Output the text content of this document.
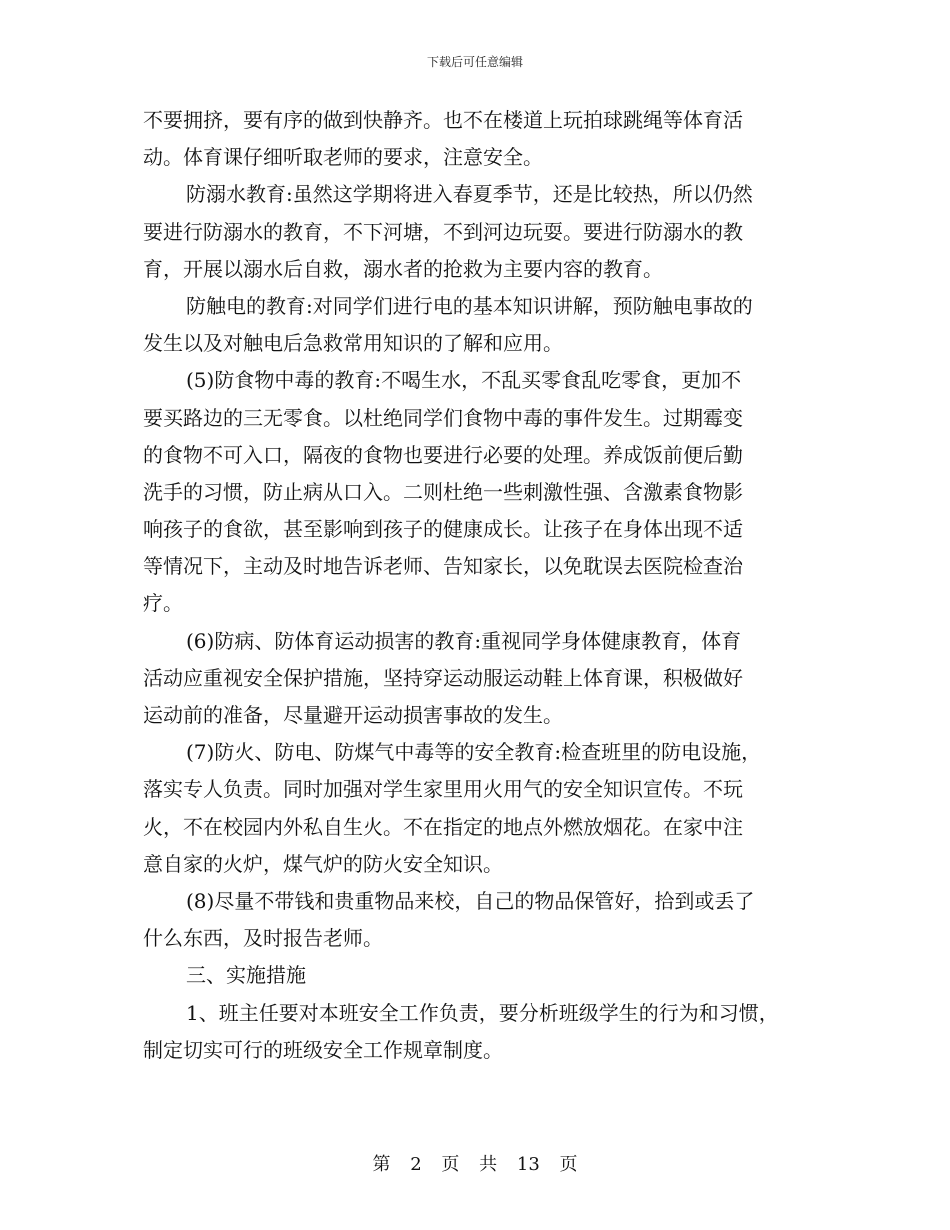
下载后可任意编辑
不要拥挤，要有序的做到快静齐。也不在楼道上玩拍球跳绳等体育活
动。体育课仔细听取老师的要求，注意安全。
防溺水教育:虽然这学期将进入春夏季节，还是比较热，所以仍然
要进行防溺水的教育，不下河塘，不到河边玩耍。要进行防溺水的教
育，开展以溺水后自救，溺水者的抢救为主要内容的教育。
防触电的教育:对同学们进行电的基本知识讲解，预防触电事故的
发生以及对触电后急救常用知识的了解和应用。
(5)防食物中毒的教育:不喝生水，不乱买零食乱吃零食，更加不
要买路边的三无零食。以杜绝同学们食物中毒的事件发生。过期霉变
的食物不可入口，隔夜的食物也要进行必要的处理。养成饭前便后勤
洗手的习惯，防止病从口入。二则杜绝一些刺激性强、含激素食物影
响孩子的食欲，甚至影响到孩子的健康成长。让孩子在身体出现不适
等情况下，主动及时地告诉老师、告知家长，以免耽误去医院检查治
疗。
(6)防病、防体育运动损害的教育:重视同学身体健康教育，体育
活动应重视安全保护措施，坚持穿运动服运动鞋上体育课，积极做好
运动前的准备，尽量避开运动损害事故的发生。
(7)防火、防电、防煤气中毒等的安全教育:检查班里的防电设施，
落实专人负责。同时加强对学生家里用火用气的安全知识宣传。不玩
火，不在校园内外私自生火。不在指定的地点外燃放烟花。在家中注
意自家的火炉，煤气炉的防火安全知识。
(8)尽量不带钱和贵重物品来校，自己的物品保管好，拾到或丢了
什么东西，及时报告老师。
三、实施措施
1、班主任要对本班安全工作负责，要分析班级学生的行为和习惯，
制定切实可行的班级安全工作规章制度。
第 2 页 共 13 页
